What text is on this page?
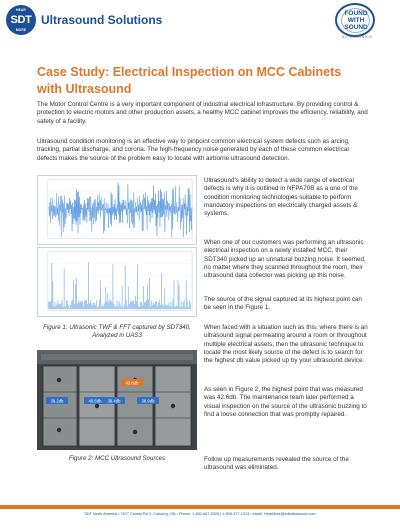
HEAR
SDT
MORE
Ultrasound Solutions	FOUND
WITH
SOUND
ULTRASONICS
Case Study: Electrical Inspection on MCC Cabinets with Ultrasound

The Motor Control Centre is a very important component of industrial electrical infrastructure. By providing control & protection to electric motors and other production assets, a healthy MCC cabinet improves the efficiency, reliability, and safety of a facility.

Ultrasound condition monitoring is an effective way to pinpoint common electrical system defects such as arcing, tracking, partial discharge, and corona. The high-frequency noise generated by each of these common electrical defects makes the source of the problem easy to locate with airborne ultrasound detection.

Figure 1: Ultrasonic TWF & FFT captured by SDT340, Analyzed in UAS3

39.2db
42.6db
40.8db 38.4db	36.9db

Figure 2: MCC Ultrasound Sources

Ultrasound's ability to detect a wide range of electrical defects is why it is outlined in NFPA70B as a one of the condition monitoring technologies suitable to perform mandatory inspections on electrically charged assets & systems.

When one of our customers was performing an ultrasonic electrical inspection on a newly installed MCC, their SDT340 picked up an unnatural buzzing noise. It seemed, no matter where they scanned throughout the room, their ultrasound data collector was picking up this noise.

The source of the signal captured at its highest point can be seen in the Figure 1.

When faced with a situation such as this, where there is an ultrasound signal permeating around a room or throughout multiple electrical assets, then the ultrasonic technique to locate the most likely source of the defect is to search for the highest db value picked up by your ultrasound device.

As seen in Figure 2, the highest point that was measured was 42.6db. The maintenance team later performed a visual inspection on the source of the ultrasonic buzzing to find a loose connection that was promptly repaired.

Follow up measurements revealed the source of the ultrasound was eliminated.

SDT North America • 7677 County Rd 2, Cobourg, ON • Phone: 1-800-667-5325 | 1-905-377-1313 • email: HearMore@sdtultrasound.com
